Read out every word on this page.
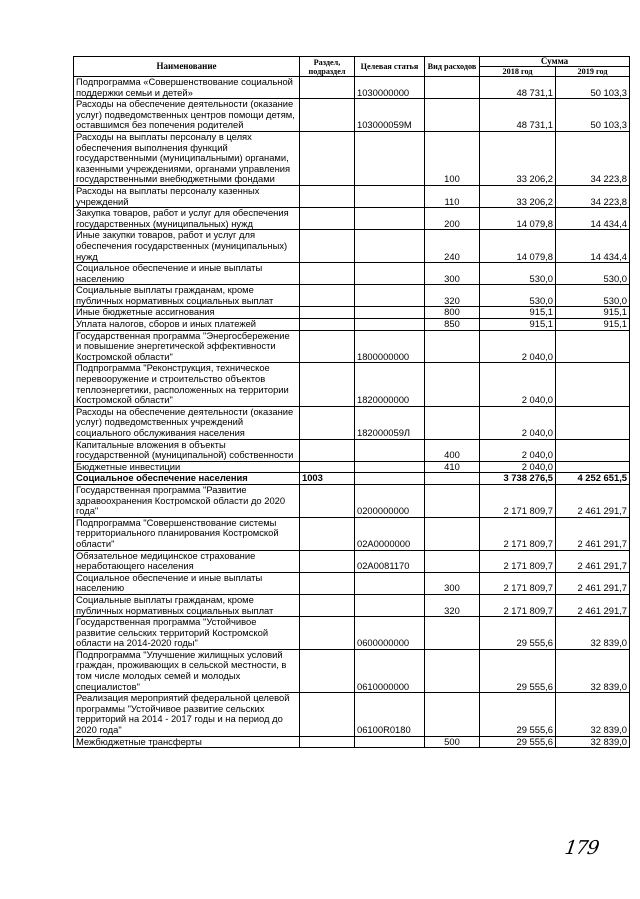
Наименование	Раздел, подраздел	Целевая статья	Вид расходов	Сумма	
				2018 год	2019 год
Подпрограмма «Совершенствование социальной поддержки семьи и детей»		1030000000		48 731,1	50 103,3
Расходы на обеспечение деятельности (оказание услуг) подведомственных центров помощи детям, оставшимся без попечения родителей		103000059М		48 731,1	50 103,3
Расходы на выплаты персоналу в целях обеспечения выполнения функций государственными (муниципальными) органами, казенными учреждениями, органами управления государственными внебюджетными фондами			100	33 206,2	34 223,8
Расходы на выплаты персоналу казенных учреждений			110	33 206,2	34 223,8
Закупка товаров, работ и услуг для обеспечения государственных (муниципальных) нужд			200	14 079,8	14 434,4
Иные закупки товаров, работ и услуг для обеспечения государственных (муниципальных) нужд			240	14 079,8	14 434,4
Социальное обеспечение и иные выплаты населению			300	530,0	530,0
Социальные выплаты гражданам, кроме публичных нормативных социальных выплат			320	530,0	530,0
Иные бюджетные ассигнования			800	915,1	915,1
Уплата налогов, сборов и иных платежей			850	915,1	915,1
Государственная программа "Энергосбережение и повышение энергетической эффективности Костромской области"		1800000000		2 040,0	
Подпрограмма "Реконструкция, техническое перевооружение и строительство объектов теплоэнергетики, расположенных на территории Костромской области"		1820000000		2 040,0	
Расходы на обеспечение деятельности (оказание услуг) подведомственных учреждений социального обслуживания населения		182000059Л		2 040,0	
Капитальные вложения в объекты государственной (муниципальной) собственности			400	2 040,0	
Бюджетные инвестиции			410	2 040,0	
Социальное обеспечение населения	1003			3 738 276,5	4 252 651,5
Государственная программа "Развитие здравоохранения Костромской области до 2020 года"		0200000000		2 171 809,7	2 461 291,7
Подпрограмма "Совершенствование системы территориального планирования Костромской области"		02А0000000		2 171 809,7	2 461 291,7
Обязательное медицинское страхование неработающего населения		02А0081170		2 171 809,7	2 461 291,7
Социальное обеспечение и иные выплаты населению			300	2 171 809,7	2 461 291,7
Социальные выплаты гражданам, кроме публичных нормативных социальных выплат			320	2 171 809,7	2 461 291,7
Государственная программа "Устойчивое развитие сельских территорий Костромской области на 2014-2020 годы"		0600000000		29 555,6	32 839,0
Подпрограмма "Улучшение жилищных условий граждан, проживающих в сельской местности, в том числе молодых семей и молодых специалистов"		0610000000		29 555,6	32 839,0
Реализация мероприятий федеральной целевой программы "Устойчивое развитие сельских территорий на 2014 - 2017 годы и на период до 2020 года"		06100R0180		29 555,6	32 839,0
Межбюджетные трансферты			500	29 555,6	32 839,0
179
